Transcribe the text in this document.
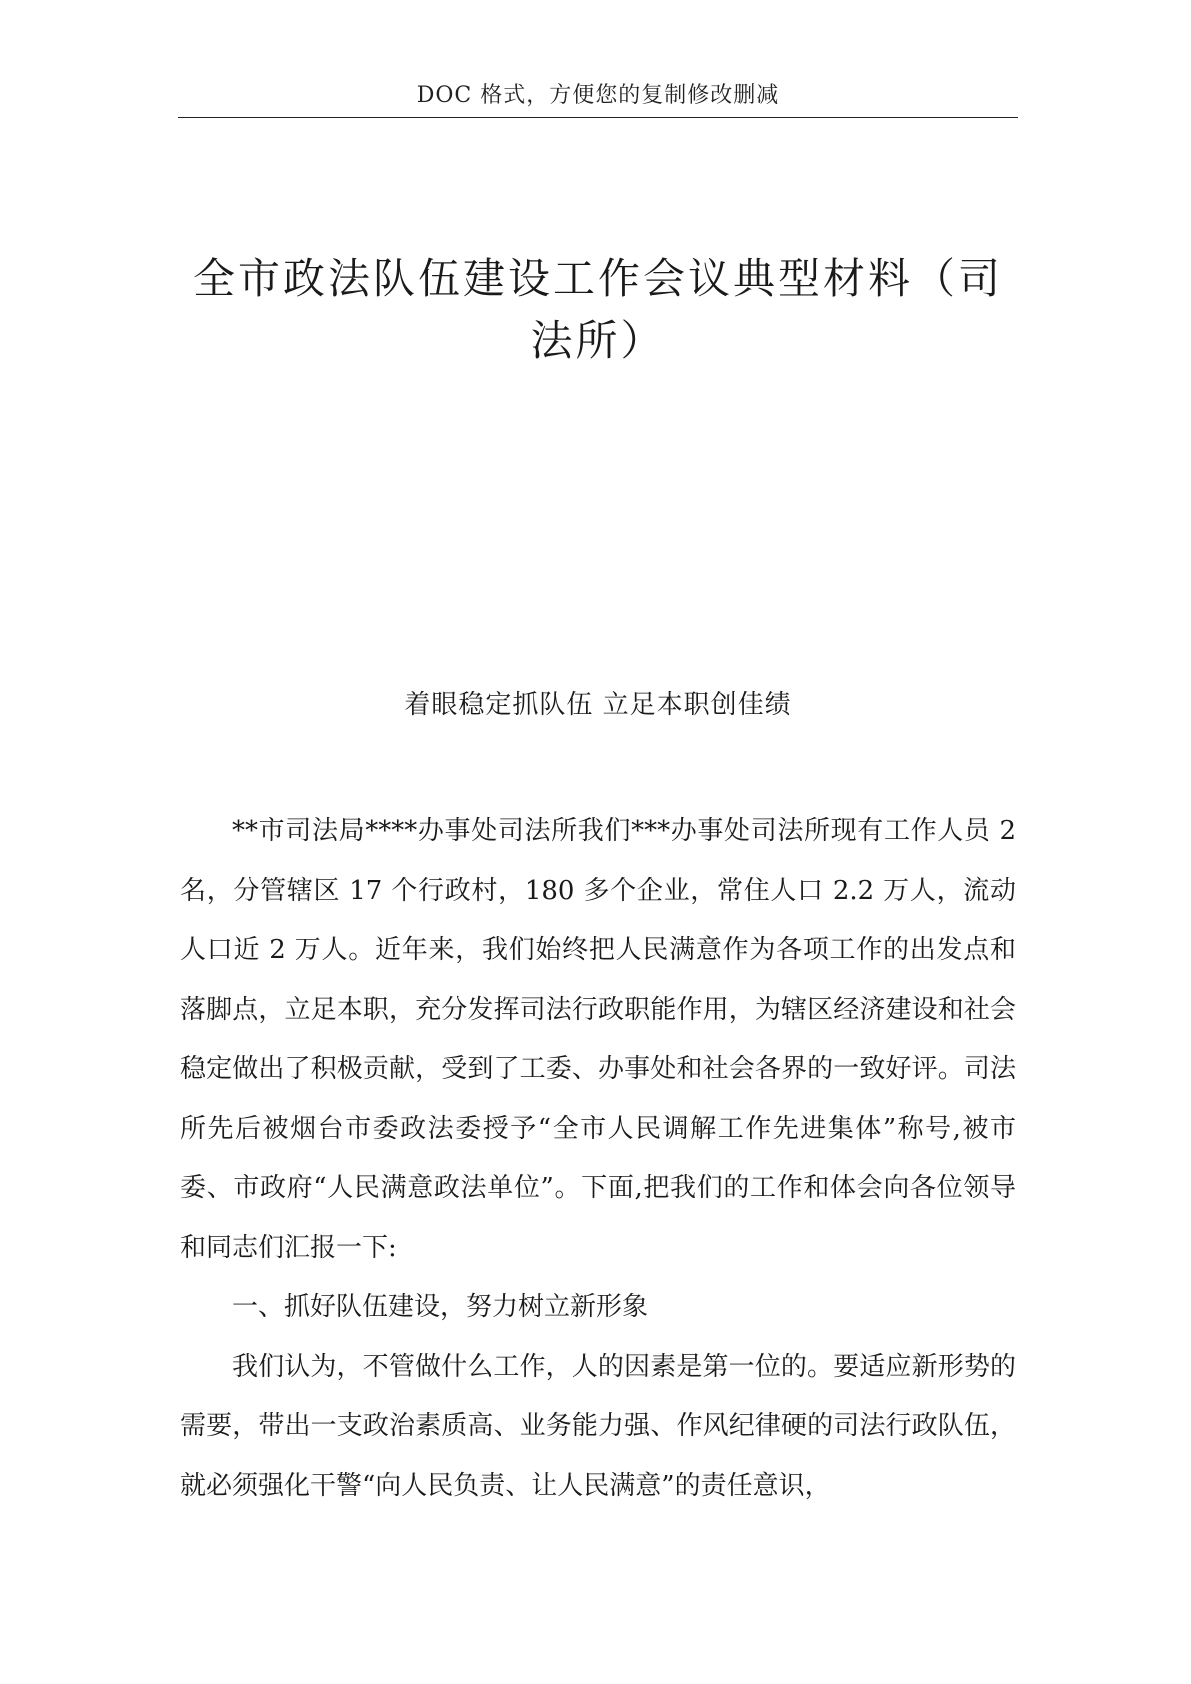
DOC 格式，方便您的复制修改删减
全市政法队伍建设工作会议典型材料（司法所）
着眼稳定抓队伍 立足本职创佳绩

**市司法局****办事处司法所我们***办事处司法所现有工作人员 2 名，分管辖区 17 个行政村，180 多个企业，常住人口 2.2 万人，流动人口近 2 万人。近年来，我们始终把人民满意作为各项工作的出发点和落脚点，立足本职，充分发挥司法行政职能作用，为辖区经济建设和社会稳定做出了积极贡献，受到了工委、办事处和社会各界的一致好评。司法所先后被烟台市委政法委授予“全市人民调解工作先进集体”称号,被市委、市政府“人民满意政法单位”。下面,把我们的工作和体会向各位领导和同志们汇报一下:

一、抓好队伍建设，努力树立新形象

我们认为，不管做什么工作，人的因素是第一位的。要适应新形势的需要，带出一支政治素质高、业务能力强、作风纪律硬的司法行政队伍，就必须强化干警“向人民负责、让人民满意”的责任意识，
